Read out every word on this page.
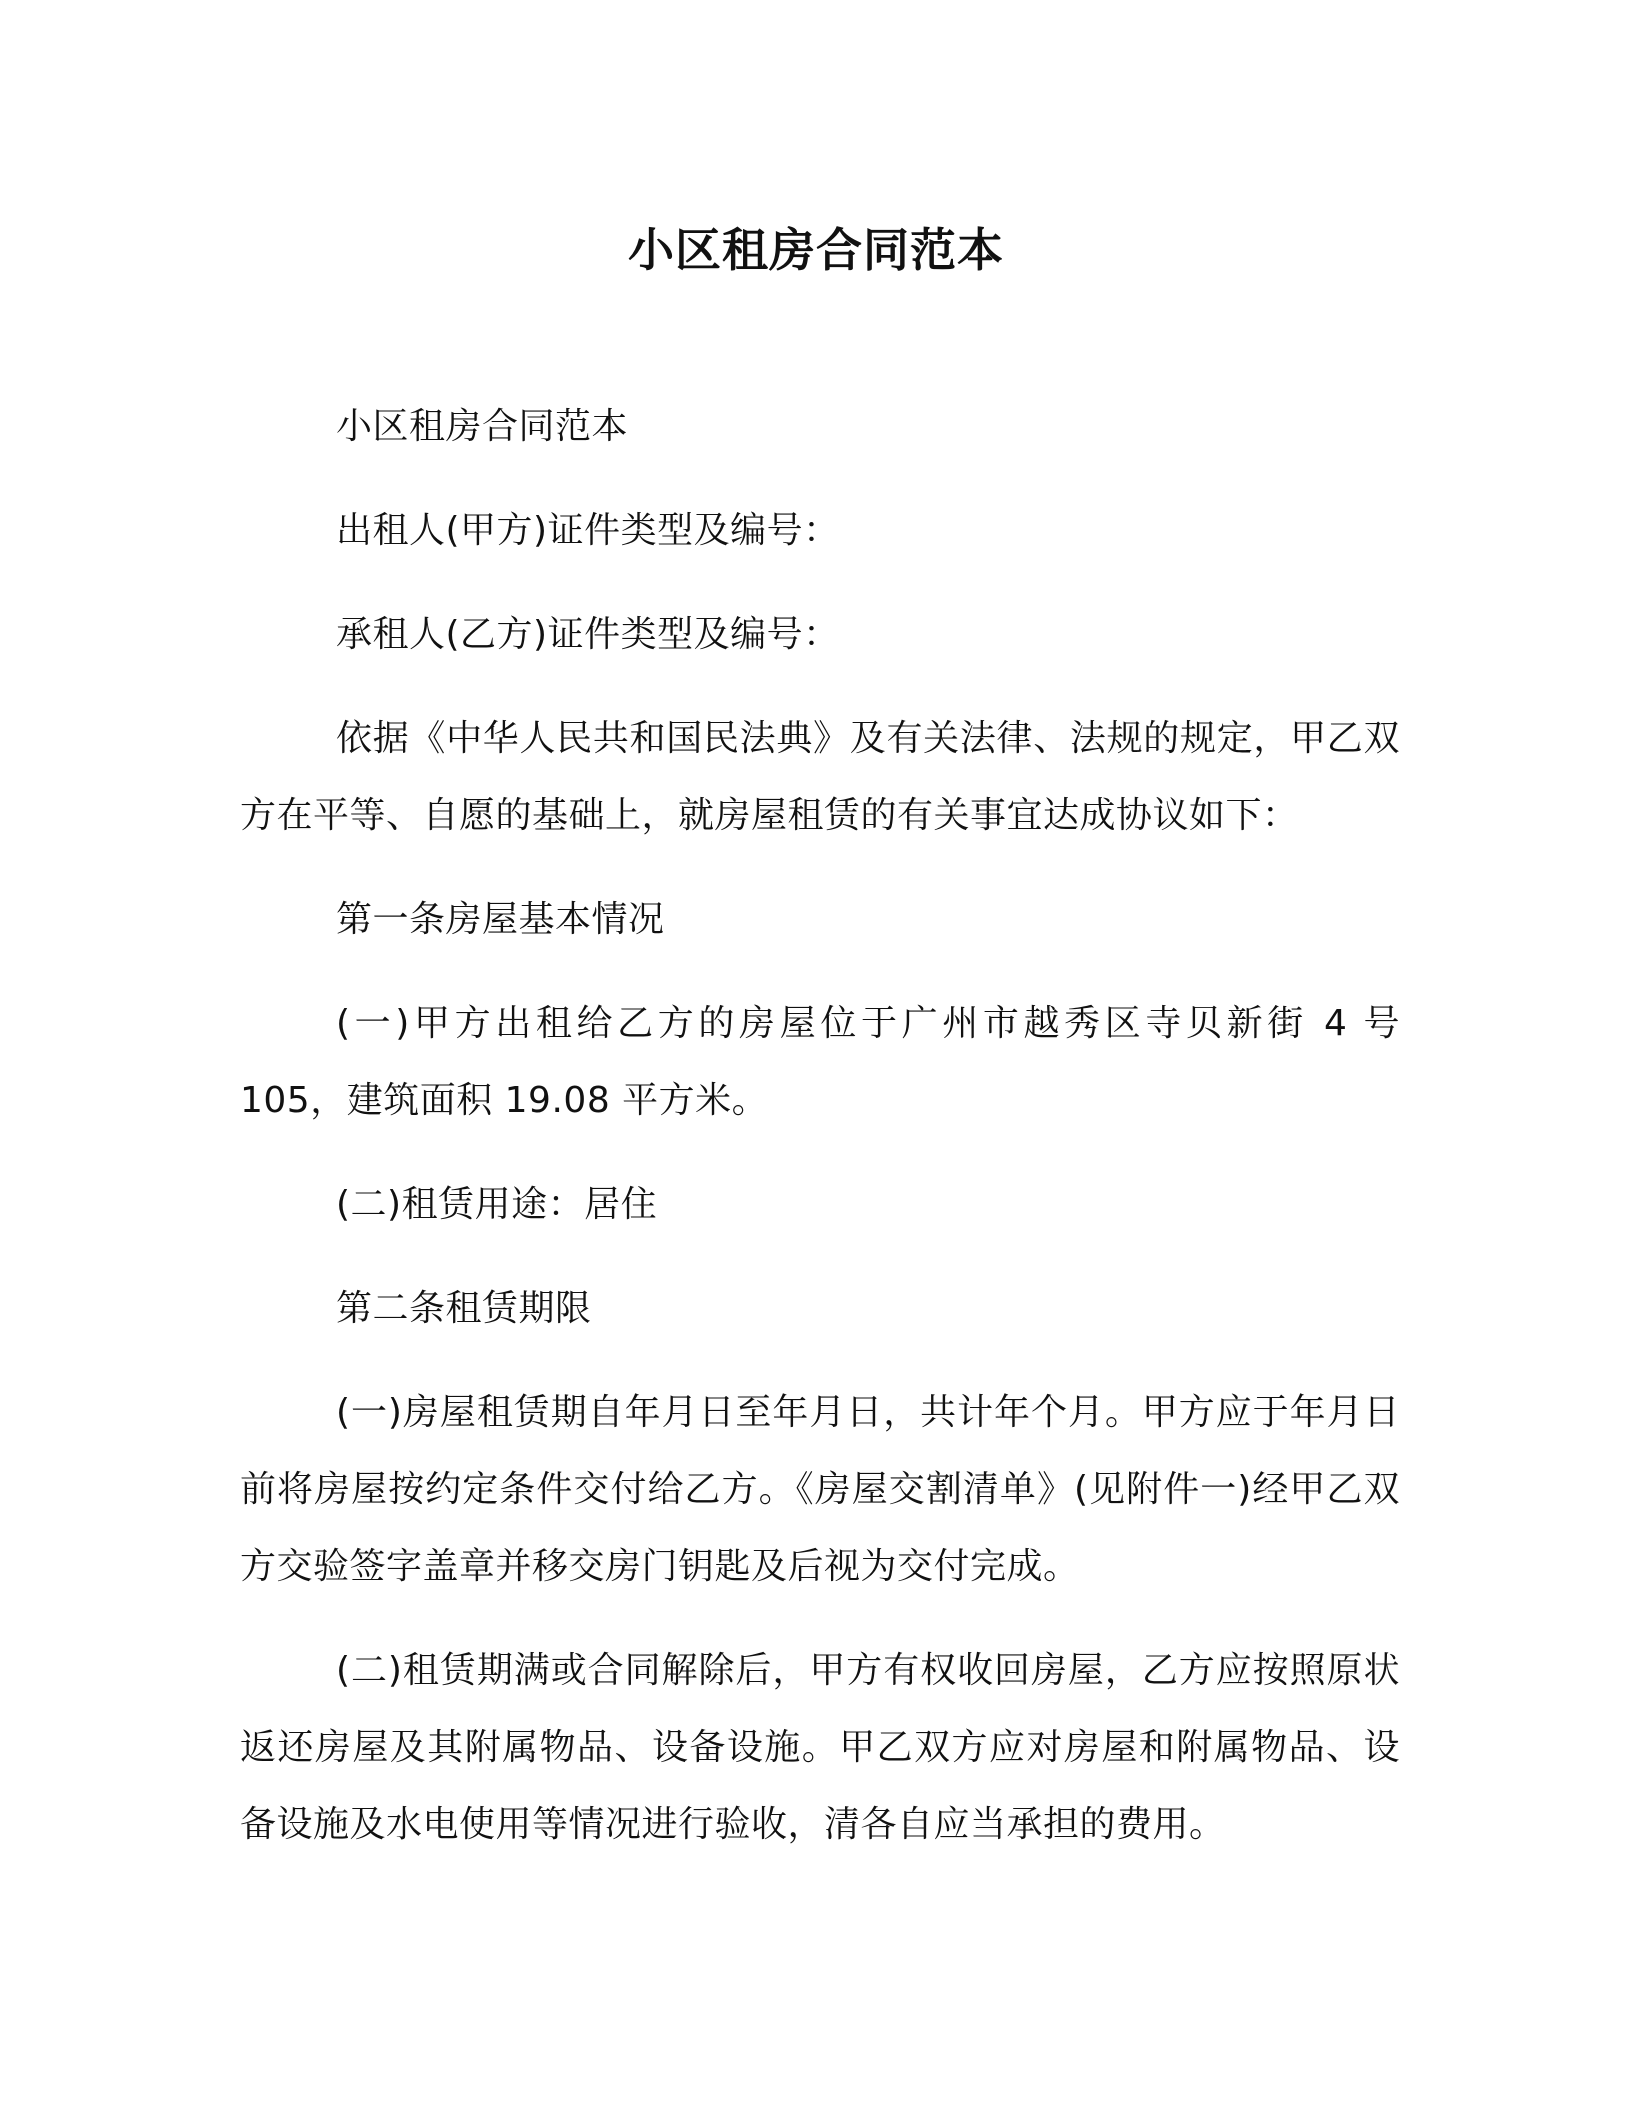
小区租房合同范本

小区租房合同范本

出租人(甲方)证件类型及编号：

承租人(乙方)证件类型及编号：

依据《中华人民共和国民法典》及有关法律、法规的规定，甲乙双方在平等、自愿的基础上，就房屋租赁的有关事宜达成协议如下：

第一条房屋基本情况

(一)甲方出租给乙方的房屋位于广州市越秀区寺贝新街 4 号 105，建筑面积 19.08 平方米。

(二)租赁用途：居住

第二条租赁期限

(一)房屋租赁期自年月日至年月日，共计年个月。甲方应于年月日前将房屋按约定条件交付给乙方。《房屋交割清单》(见附件一)经甲乙双方交验签字盖章并移交房门钥匙及后视为交付完成。

(二)租赁期满或合同解除后，甲方有权收回房屋，乙方应按照原状返还房屋及其附属物品、设备设施。甲乙双方应对房屋和附属物品、设备设施及水电使用等情况进行验收，清各自应当承担的费用。
